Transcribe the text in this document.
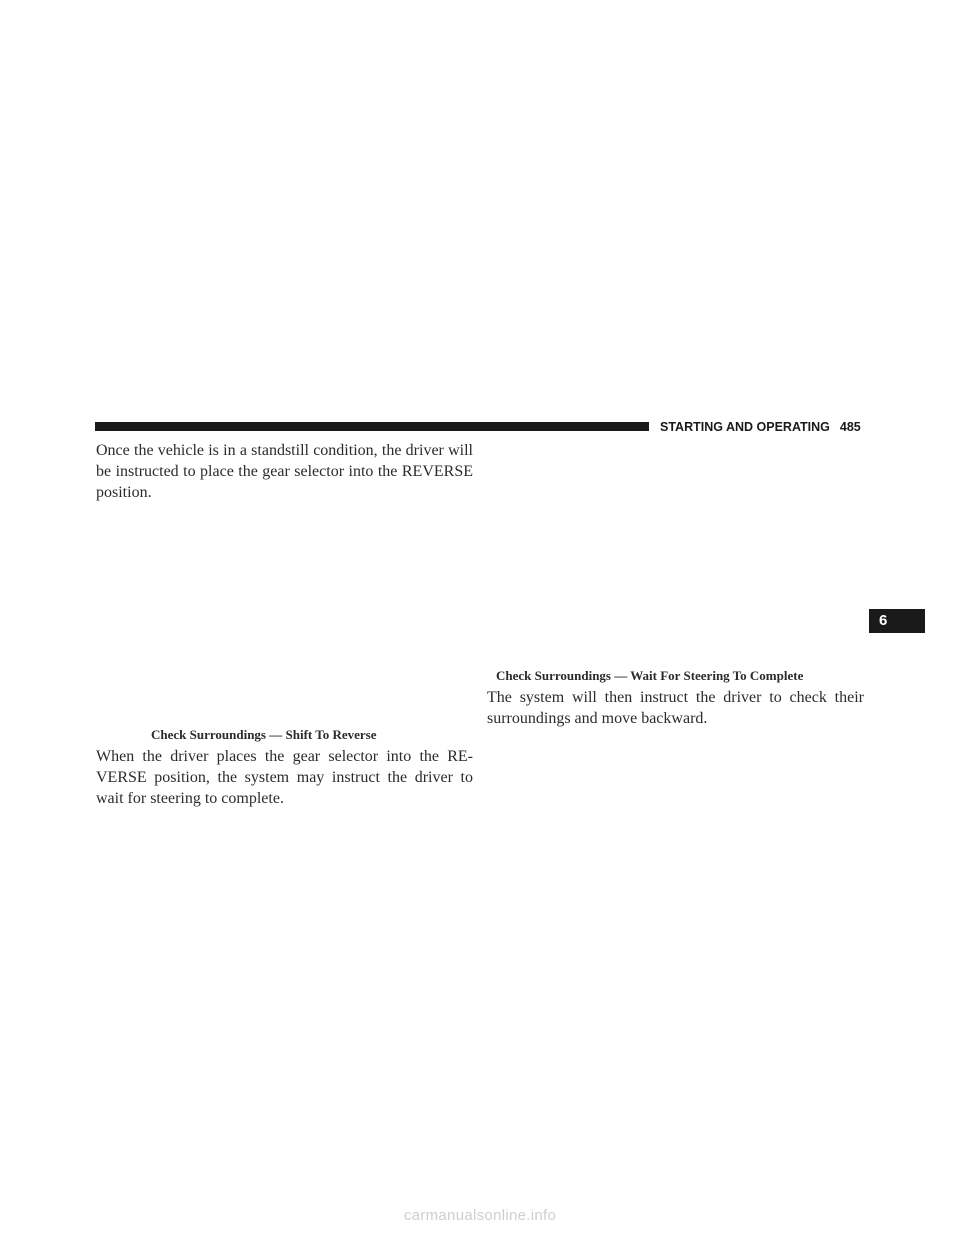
STARTING AND OPERATING 485

Once the vehicle is in a standstill condition, the driver will be instructed to place the gear selector into the REVERSE position.

Check Surroundings — Shift To Reverse

When the driver places the gear selector into the RE- VERSE position, the system may instruct the driver to wait for steering to complete.

Check Surroundings — Wait For Steering To Complete

The system will then instruct the driver to check their surroundings and move backward.

6
carmanualsonline.info
